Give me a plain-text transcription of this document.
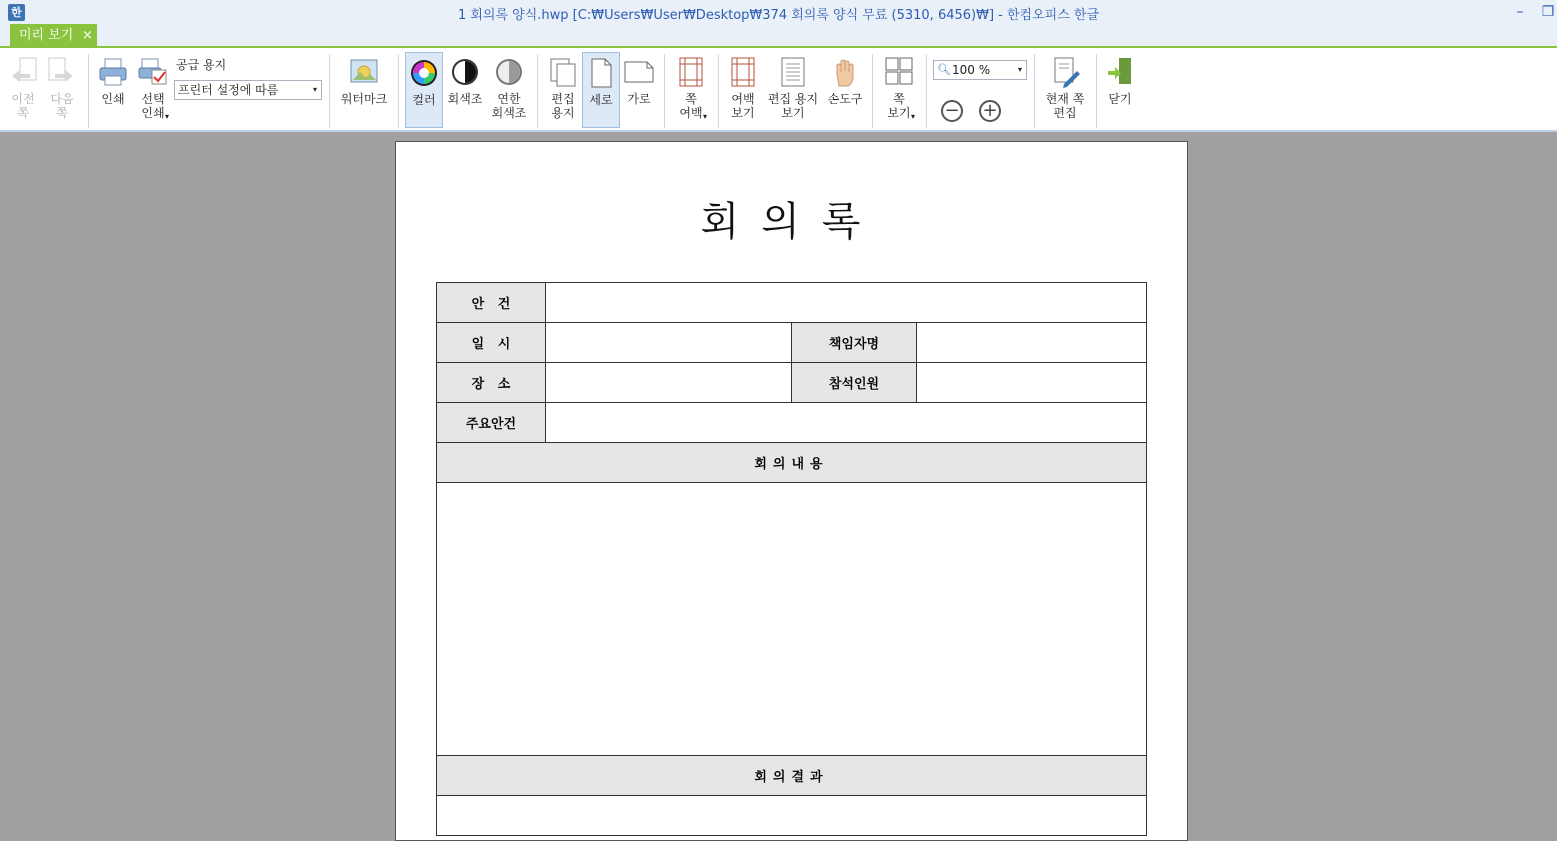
한	1 회의록 양식.hwp [C:₩Users₩User₩Desktop₩374 회의록 양식 무료 (5310, 6456)₩] - 한컴오피스 한글	–	❐
미리 보기 ×
이전
쪽
다음
쪽
인쇄	선택
인쇄 ▾
공급 용지
프린터 설정에 따름	▾
워터마크	컬러	회색조	연한
회색조
편집
용지
세로	가로	쪽
여백 ▾
여백
보기
편집 용지
보기
손도구	쪽
보기 ▾
🔍︎ 100 %	▾
− +
현재 쪽
편집
닫기
회의록
안   건			
일   시		책임자명	
장   소		참석인원	
주요안건			
회의내용			

회의결과			
